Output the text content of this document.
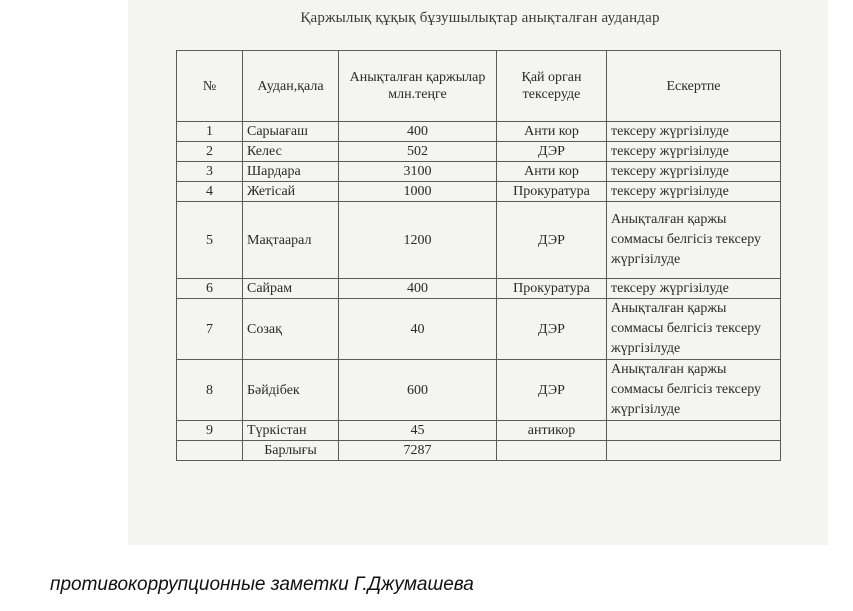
Қаржылық құқық бұзушылықтар анықталған аудандар
№	Аудан,қала	Анықталған қаржылар млн.теңге	Қай орган тексеруде	Ескертпе
1	Сарыағаш	400	Анти кор	тексеру жүргізілуде
2	Келес	502	ДЭР	тексеру жүргізілуде
3	Шардара	3100	Анти кор	тексеру жүргізілуде
4	Жетісай	1000	Прокуратура	тексеру жүргізілуде
5	Мақтаарал	1200	ДЭР	Анықталған қаржы соммасы белгісіз тексеру жүргізілуде
6	Сайрам	400	Прокуратура	тексеру жүргізілуде
7	Созақ	40	ДЭР	Анықталған қаржы соммасы белгісіз тексеру жүргізілуде
8	Бәйдібек	600	ДЭР	Анықталған қаржы соммасы белгісіз тексеру жүргізілуде
9	Түркістан	45	антикор	
	Барлығы	7287		
противокоррупционные заметки Г.Джумашева
